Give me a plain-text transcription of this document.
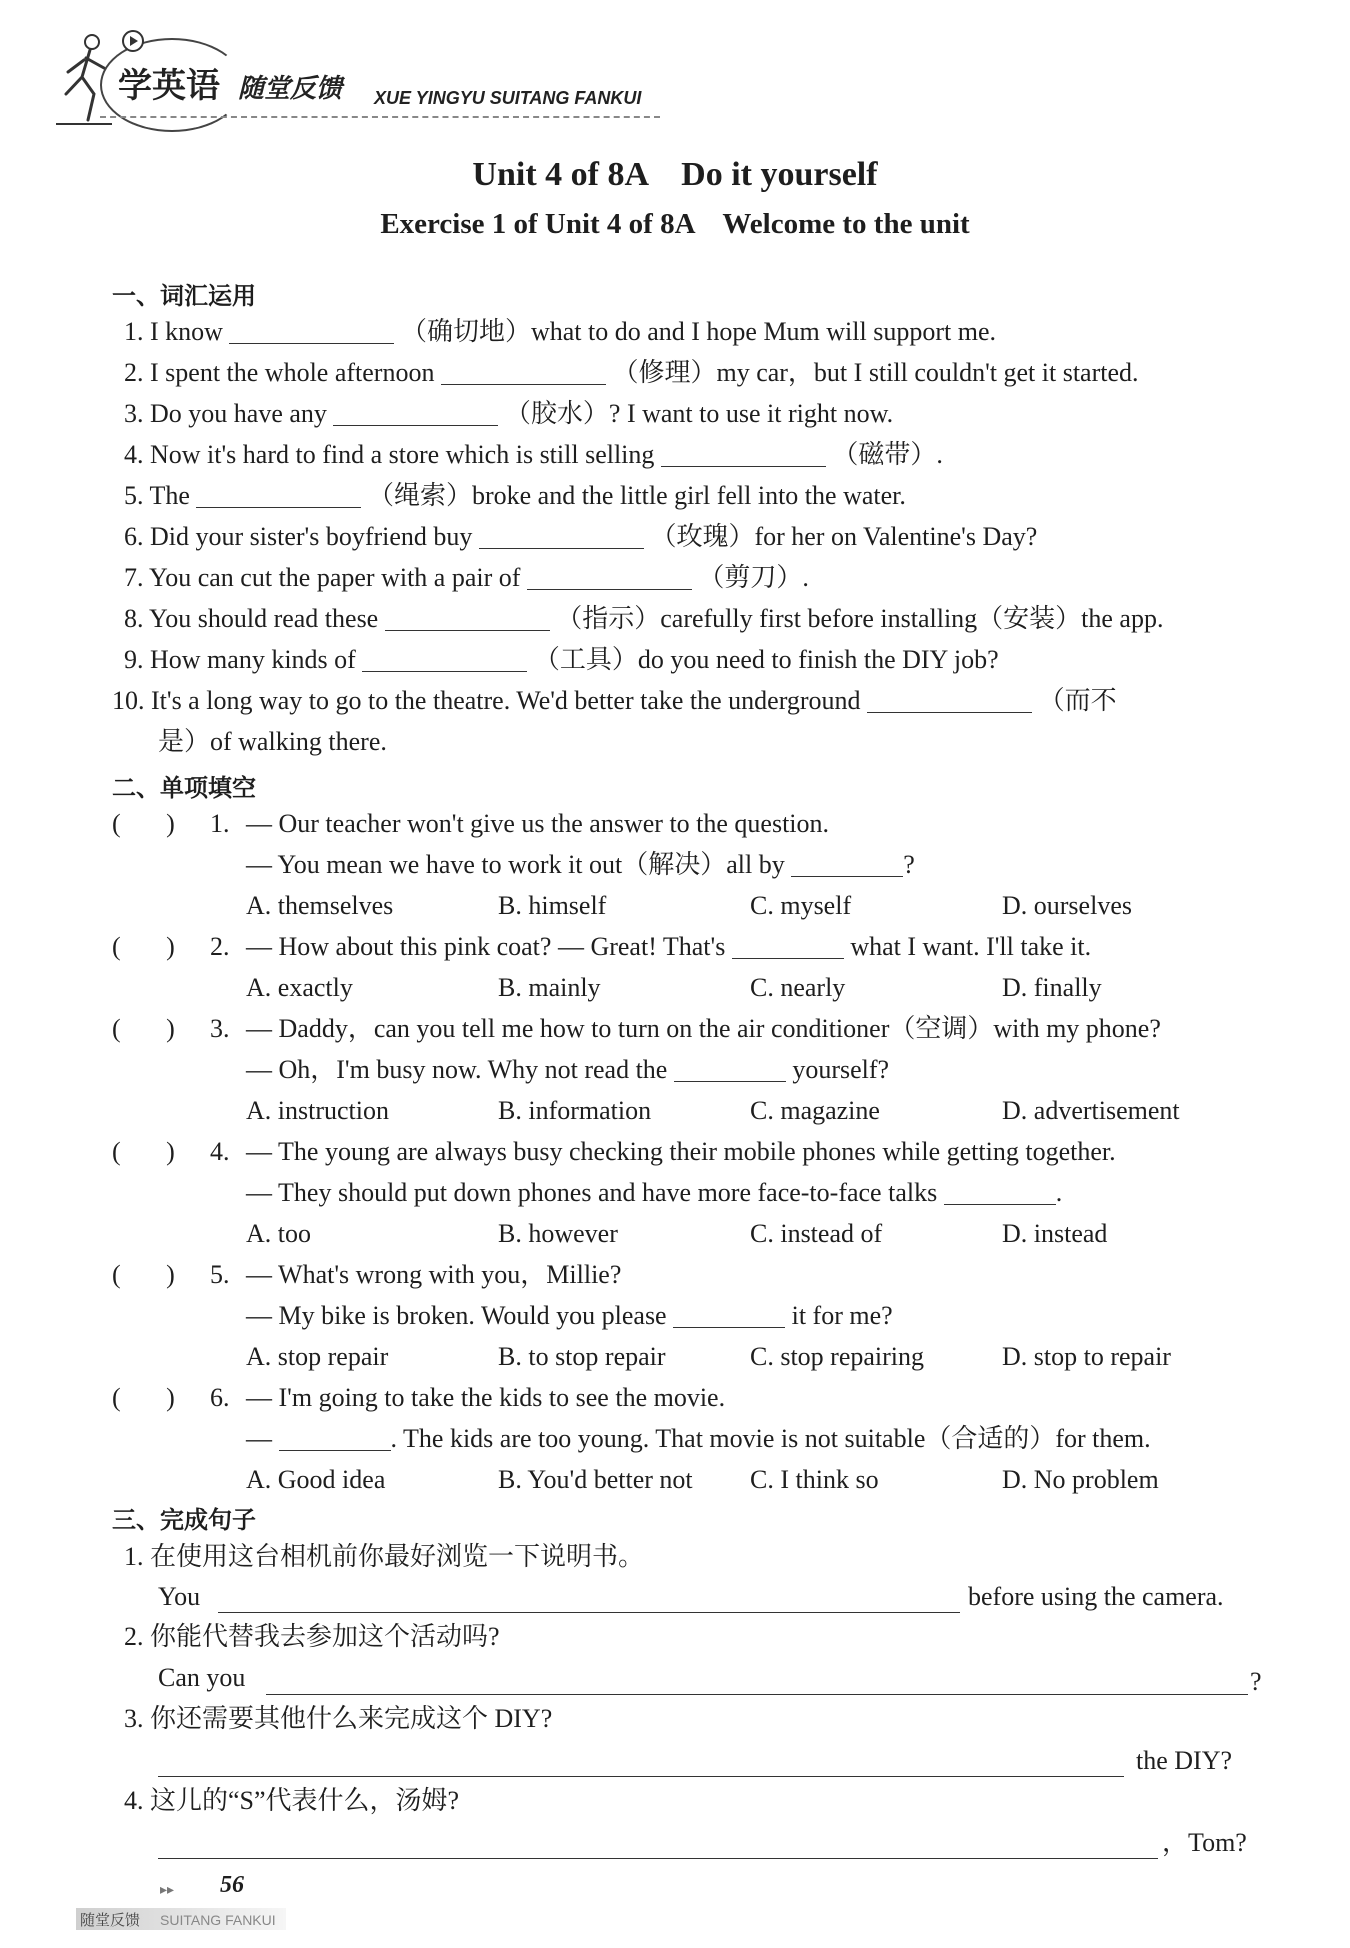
学英语 随堂反馈 XUE YINGYU SUITANG FANKUI
Unit 4 of 8A    Do it yourself
Exercise 1 of Unit 4 of 8A    Welcome to the unit
一、词汇运用
1. I know	（确切地）what to do and I hope Mum will support me.
2. I spent the whole afternoon	（修理）my car，but I still couldn't get it started.
3. Do you have any	（胶水）? I want to use it right now.
4. Now it's hard to find a store which is still selling	（磁带）.
5. The	（绳索）broke and the little girl fell into the water.
6. Did your sister's boyfriend buy	（玫瑰）for her on Valentine's Day?
7. You can cut the paper with a pair of	（剪刀）.
8. You should read these	（指示）carefully first before installing（安装）the app.
9. How many kinds of	（工具）do you need to finish the DIY job?
10. It's a long way to go to the theatre. We'd better take the underground	（而不
是）of walking there.
二、单项填空
(       ) 1. — Our teacher won't give us the answer to the question.
— You mean we have to work it out（解决）all by	?
A. themselves	B. himself	C. myself	D. ourselves
(       ) 2. — How about this pink coat? — Great! That's	what I want. I'll take it.
A. exactly	B. mainly	C. nearly	D. finally
(       ) 3. — Daddy，can you tell me how to turn on the air conditioner（空调）with my phone?
— Oh，I'm busy now. Why not read the	yourself?
A. instruction	B. information	C. magazine	D. advertisement
(       ) 4. — The young are always busy checking their mobile phones while getting together.
— They should put down phones and have more face-to-face talks	.
A. too	B. however	C. instead of	D. instead
(       ) 5. — What's wrong with you，Millie?
— My bike is broken. Would you please	it for me?
A. stop repair	B. to stop repair	C. stop repairing	D. stop to repair
(       ) 6. — I'm going to take the kids to see the movie.
—	. The kids are too young. That movie is not suitable（合适的）for them.
A. Good idea	B. You'd better not C. I think so	D. No problem
三、完成句子
1. 在使用这台相机前你最好浏览一下说明书。
You	before using the camera.
2. 你能代替我去参加这个活动吗?
Can you	?
3. 你还需要其他什么来完成这个 DIY?
the DIY?
4. 这儿的“S”代表什么，汤姆?
，Tom?
▸▸ 56
随堂反馈 SUITANG FANKUI
